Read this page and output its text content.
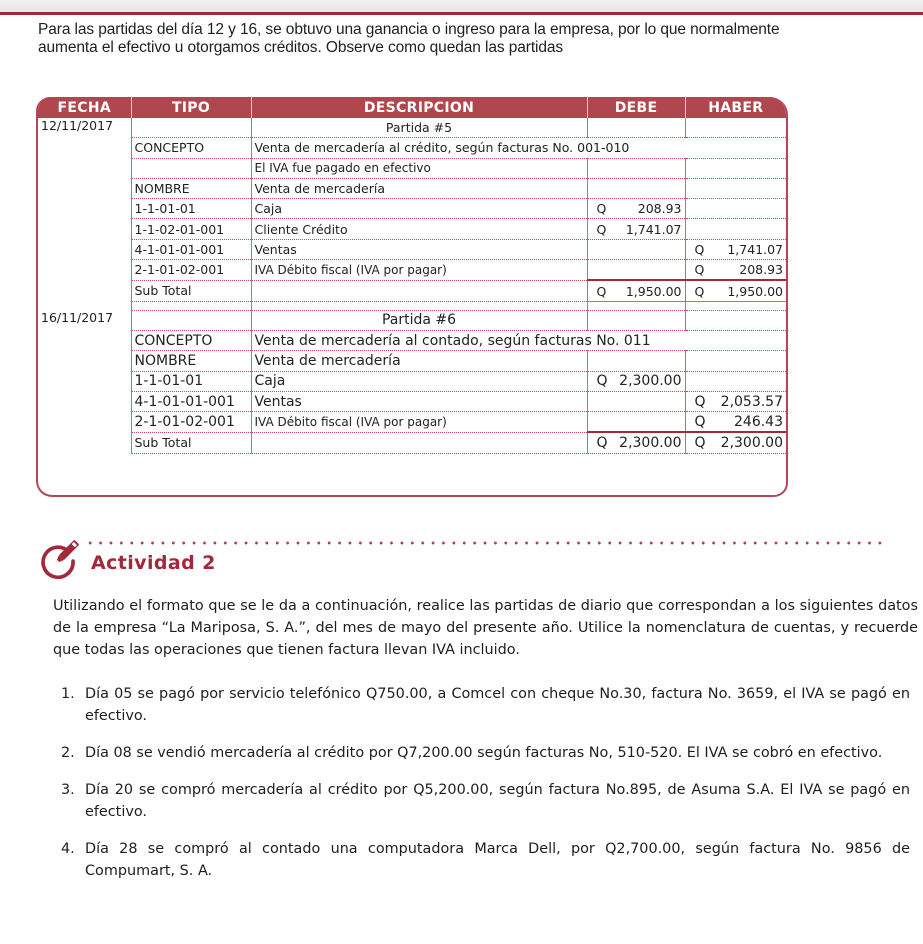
Para las partidas del día 12 y 16, se obtuvo una ganancia o ingreso para la empresa, por lo que normalmente aumenta el efectivo u otorgamos créditos. Observe como quedan las partidas

FECHA	TIPO	DESCRIPCION	DEBE	HABER
12/11/2017		Partida #5		
	CONCEPTO	Venta de mercadería al crédito, según facturas No. 001-010		
		El IVA fue pagado en efectivo		
	NOMBRE	Venta de mercadería		
	1-1-01-01	Caja	Q 208.93	

	1-1-02-01-001	Cliente Crédito	Q 1,741.07	

	4-1-01-01-001	Ventas		Q 1,741.07
	2-1-01-02-001	IVA Débito fiscal (IVA por pagar)		Q 208.93
	Sub Total		Q 1,950.00	Q 1,950.00

16/11/2017		Partida #6		
	CONCEPTO	Venta de mercadería al contado, según facturas No. 011		
	NOMBRE	Venta de mercadería		
	1-1-01-01	Caja	Q 2,300.00	

	4-1-01-01-001	Ventas		Q 2,053.57
	2-1-01-02-001	IVA Débito fiscal (IVA por pagar)		Q 246.43
	Sub Total		Q 2,300.00	Q 2,300.00
Actividad 2

Utilizando el formato que se le da a continuación, realice las partidas de diario que correspondan a los siguientes datos de la empresa “La Mariposa, S. A.”, del mes de mayo del presente año. Utilice la nomenclatura de cuentas, y recuerde que todas las operaciones que tienen factura llevan IVA incluido.

1. Día 05 se pagó por servicio telefónico Q750.00, a Comcel con cheque No.30, factura No. 3659, el IVA se pagó en efectivo.
2. Día 08 se vendió mercadería al crédito por Q7,200.00 según facturas No, 510-520. El IVA se cobró en efectivo.
3. Día 20 se compró mercadería al crédito por Q5,200.00, según factura No.895, de Asuma S.A. El IVA se pagó en efectivo.
4. Día 28 se compró al contado una computadora Marca Dell, por Q2,700.00, según factura No. 9856 de Compumart, S. A.
